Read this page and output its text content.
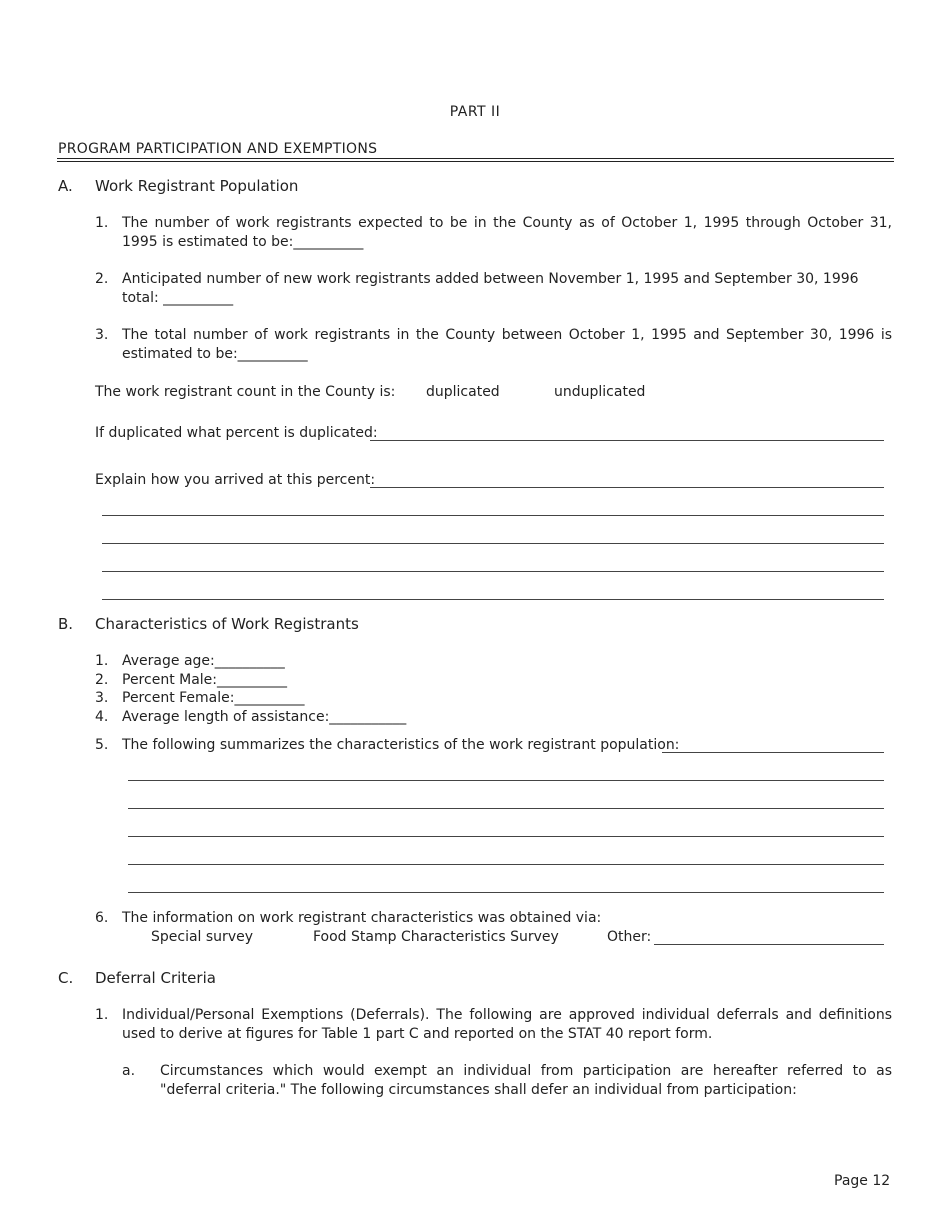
PART II
PROGRAM PARTICIPATION AND EXEMPTIONS
A. Work Registrant Population
1. The number of work registrants expected to be in the County as of October 1, 1995 through October 31, 1995 is estimated to be:__________
2. Anticipated number of new work registrants added between November 1, 1995 and September 30, 1996 total: __________
3. The total number of work registrants in the County between October 1, 1995 and September 30, 1996 is estimated to be:__________
The work registrant count in the County is: duplicated	unduplicated
If duplicated what percent is duplicated:
Explain how you arrived at this percent:
B. Characteristics of Work Registrants
1. Average age:__________
2. Percent Male:__________
3. Percent Female:__________
4. Average length of assistance:___________
5. The following summarizes the characteristics of the work registrant population:
6. The information on work registrant characteristics was obtained via:
Special survey	Food Stamp Characteristics Survey	Other:
C. Deferral Criteria
1. Individual/Personal Exemptions (Deferrals). The following are approved individual deferrals and definitions used to derive at figures for Table 1 part C and reported on the STAT 40 report form.
a. Circumstances which would exempt an individual from participation are hereafter referred to as "deferral criteria." The following circumstances shall defer an individual from participation:
Page 12
